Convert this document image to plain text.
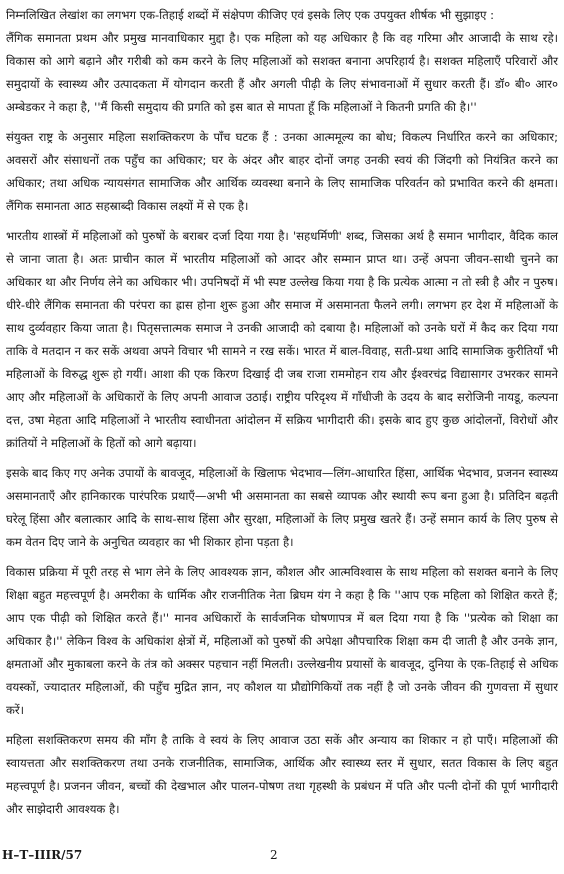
निम्नलिखित लेखांश का लगभग एक-तिहाई शब्दों में संक्षेपण कीजिए एवं इसके लिए एक उपयुक्त शीर्षक भी सुझाइए :

लैंगिक समानता प्रथम और प्रमुख मानवाधिकार मुद्दा है। एक महिला को यह अधिकार है कि वह गरिमा और आजादी के साथ रहे। विकास को आगे बढ़ाने और गरीबी को कम करने के लिए महिलाओं को सशक्त बनाना अपरिहार्य है। सशक्त महिलाएँ परिवारों और समुदायों के स्वास्थ्य और उत्पादकता में योगदान करती हैं और अगली पीढ़ी के लिए संभावनाओं में सुधार करती हैं। डॉ० बी० आर० अम्बेडकर ने कहा है, ''मैं किसी समुदाय की प्रगति को इस बात से मापता हूँ कि महिलाओं ने कितनी प्रगति की है।''

संयुक्त राष्ट्र के अनुसार महिला सशक्तिकरण के पाँच घटक हैं : उनका आत्ममूल्य का बोध; विकल्प निर्धारित करने का अधिकार; अवसरों और संसाधनों तक पहुँच का अधिकार; घर के अंदर और बाहर दोनों जगह उनकी स्वयं की जिंदगी को नियंत्रित करने का अधिकार; तथा अधिक न्यायसंगत सामाजिक और आर्थिक व्यवस्था बनाने के लिए सामाजिक परिवर्तन को प्रभावित करने की क्षमता। लैंगिक समानता आठ सहस्राब्दी विकास लक्ष्यों में से एक है।

भारतीय शास्त्रों में महिलाओं को पुरुषों के बराबर दर्जा दिया गया है। 'सहधर्मिणी' शब्द, जिसका अर्थ है समान भागीदार, वैदिक काल से जाना जाता है। अतः प्राचीन काल में भारतीय महिलाओं को आदर और सम्मान प्राप्त था। उन्हें अपना जीवन-साथी चुनने का अधिकार था और निर्णय लेने का अधिकार भी। उपनिषदों में भी स्पष्ट उल्लेख किया गया है कि प्रत्येक आत्मा न तो स्त्री है और न पुरुष। धीरे-धीरे लैंगिक समानता की परंपरा का ह्रास होना शुरू हुआ और समाज में असमानता फैलने लगी। लगभग हर देश में महिलाओं के साथ दुर्व्यवहार किया जाता है। पितृसत्तात्मक समाज ने उनकी आजादी को दबाया है। महिलाओं को उनके घरों में कैद कर दिया गया ताकि वे मतदान न कर सकें अथवा अपने विचार भी सामने न रख सकें। भारत में बाल-विवाह, सती-प्रथा आदि सामाजिक कुरीतियाँ भी महिलाओं के विरुद्ध शुरू हो गयीं। आशा की एक किरण दिखाई दी जब राजा राममोहन राय और ईश्वरचंद्र विद्यासागर उभरकर सामने आए और महिलाओं के अधिकारों के लिए अपनी आवाज उठाई। राष्ट्रीय परिदृश्य में गाँधीजी के उदय के बाद सरोजिनी नायडू, कल्पना दत्त, उषा मेहता आदि महिलाओं ने भारतीय स्वाधीनता आंदोलन में सक्रिय भागीदारी की। इसके बाद हुए कुछ आंदोलनों, विरोधों और क्रांतियों ने महिलाओं के हितों को आगे बढ़ाया।

इसके बाद किए गए अनेक उपायों के बावजूद, महिलाओं के खिलाफ भेदभाव—लिंग-आधारित हिंसा, आर्थिक भेदभाव, प्रजनन स्वास्थ्य असमानताएँ और हानिकारक पारंपरिक प्रथाएँ—अभी भी असमानता का सबसे व्यापक और स्थायी रूप बना हुआ है। प्रतिदिन बढ़ती घरेलू हिंसा और बलात्कार आदि के साथ-साथ हिंसा और सुरक्षा, महिलाओं के लिए प्रमुख खतरे हैं। उन्हें समान कार्य के लिए पुरुष से कम वेतन दिए जाने के अनुचित व्यवहार का भी शिकार होना पड़ता है।

विकास प्रक्रिया में पूरी तरह से भाग लेने के लिए आवश्यक ज्ञान, कौशल और आत्मविश्वास के साथ महिला को सशक्त बनाने के लिए शिक्षा बहुत महत्त्वपूर्ण है। अमरीका के धार्मिक और राजनीतिक नेता ब्रिघम यंग ने कहा है कि ''आप एक महिला को शिक्षित करते हैं; आप एक पीढ़ी को शिक्षित करते हैं।'' मानव अधिकारों के सार्वजनिक घोषणापत्र में बल दिया गया है कि ''प्रत्येक को शिक्षा का अधिकार है।'' लेकिन विश्व के अधिकांश क्षेत्रों में, महिलाओं को पुरुषों की अपेक्षा औपचारिक शिक्षा कम दी जाती है और उनके ज्ञान, क्षमताओं और मुकाबला करने के तंत्र को अक्सर पहचान नहीं मिलती। उल्लेखनीय प्रयासों के बावजूद, दुनिया के एक-तिहाई से अधिक वयस्कों, ज्यादातर महिलाओं, की पहुँच मुद्रित ज्ञान, नए कौशल या प्रौद्योगिकियों तक नहीं है जो उनके जीवन की गुणवत्ता में सुधार करें।

महिला सशक्तिकरण समय की माँग है ताकि वे स्वयं के लिए आवाज उठा सकें और अन्याय का शिकार न हो पाएँ। महिलाओं की स्वायत्तता और सशक्तिकरण तथा उनके राजनीतिक, सामाजिक, आर्थिक और स्वास्थ्य स्तर में सुधार, सतत विकास के लिए बहुत महत्त्वपूर्ण है। प्रजनन जीवन, बच्चों की देखभाल और पालन-पोषण तथा गृहस्थी के प्रबंधन में पति और पत्नी दोनों की पूर्ण भागीदारी और साझेदारी आवश्यक है।

H–T–IIIR/57	2
